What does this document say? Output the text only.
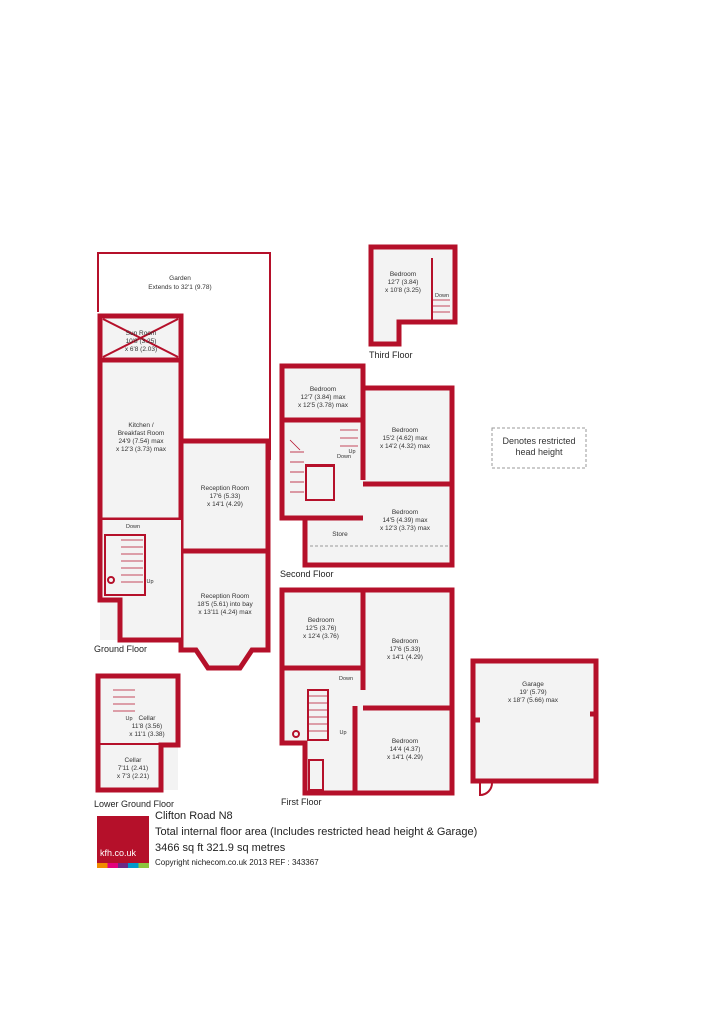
Garden
Extends to 32'1 (9.78)
Sun Room
10'8 (3.25)
x 6'8 (2.03)
Kitchen /
Breakfast Room
24'9 (7.54) max
x 12'3 (3.73) max
Reception Room
17'6 (5.33)
x 14'1 (4.29)
Reception Room
18'5 (5.61) into bay
x 13'11 (4.24) max
Down
Up
Ground Floor
Up Cellar
11'8 (3.56)
x 11'1 (3.38)
Cellar
7'11 (2.41)
x 7'3 (2.21)
Lower Ground Floor
Bedroom
12'7 (3.84)
x 10'8 (3.25)
Down
Third Floor
Bedroom
12'7 (3.84) max
x 12'5 (3.78) max
Bedroom
15'2 (4.62) max
x 14'2 (4.32) max
Bedroom
14'5 (4.39) max
x 12'3 (3.73) max
Store
Down
Up
Second Floor
Denotes restricted
head height
Bedroom
12'5 (3.76)
x 12'4 (3.76)
Bedroom
17'6 (5.33)
x 14'1 (4.29)
Bedroom
14'4 (4.37)
x 14'1 (4.29)
Down
Up
First Floor
Garage
19' (5.79)
x 18'7 (5.66) max
kfh.co.uk
Clifton Road N8
Total internal floor area (Includes restricted head height & Garage)
3466 sq ft 321.9 sq metres
Copyright nichecom.co.uk 2013 REF : 343367
